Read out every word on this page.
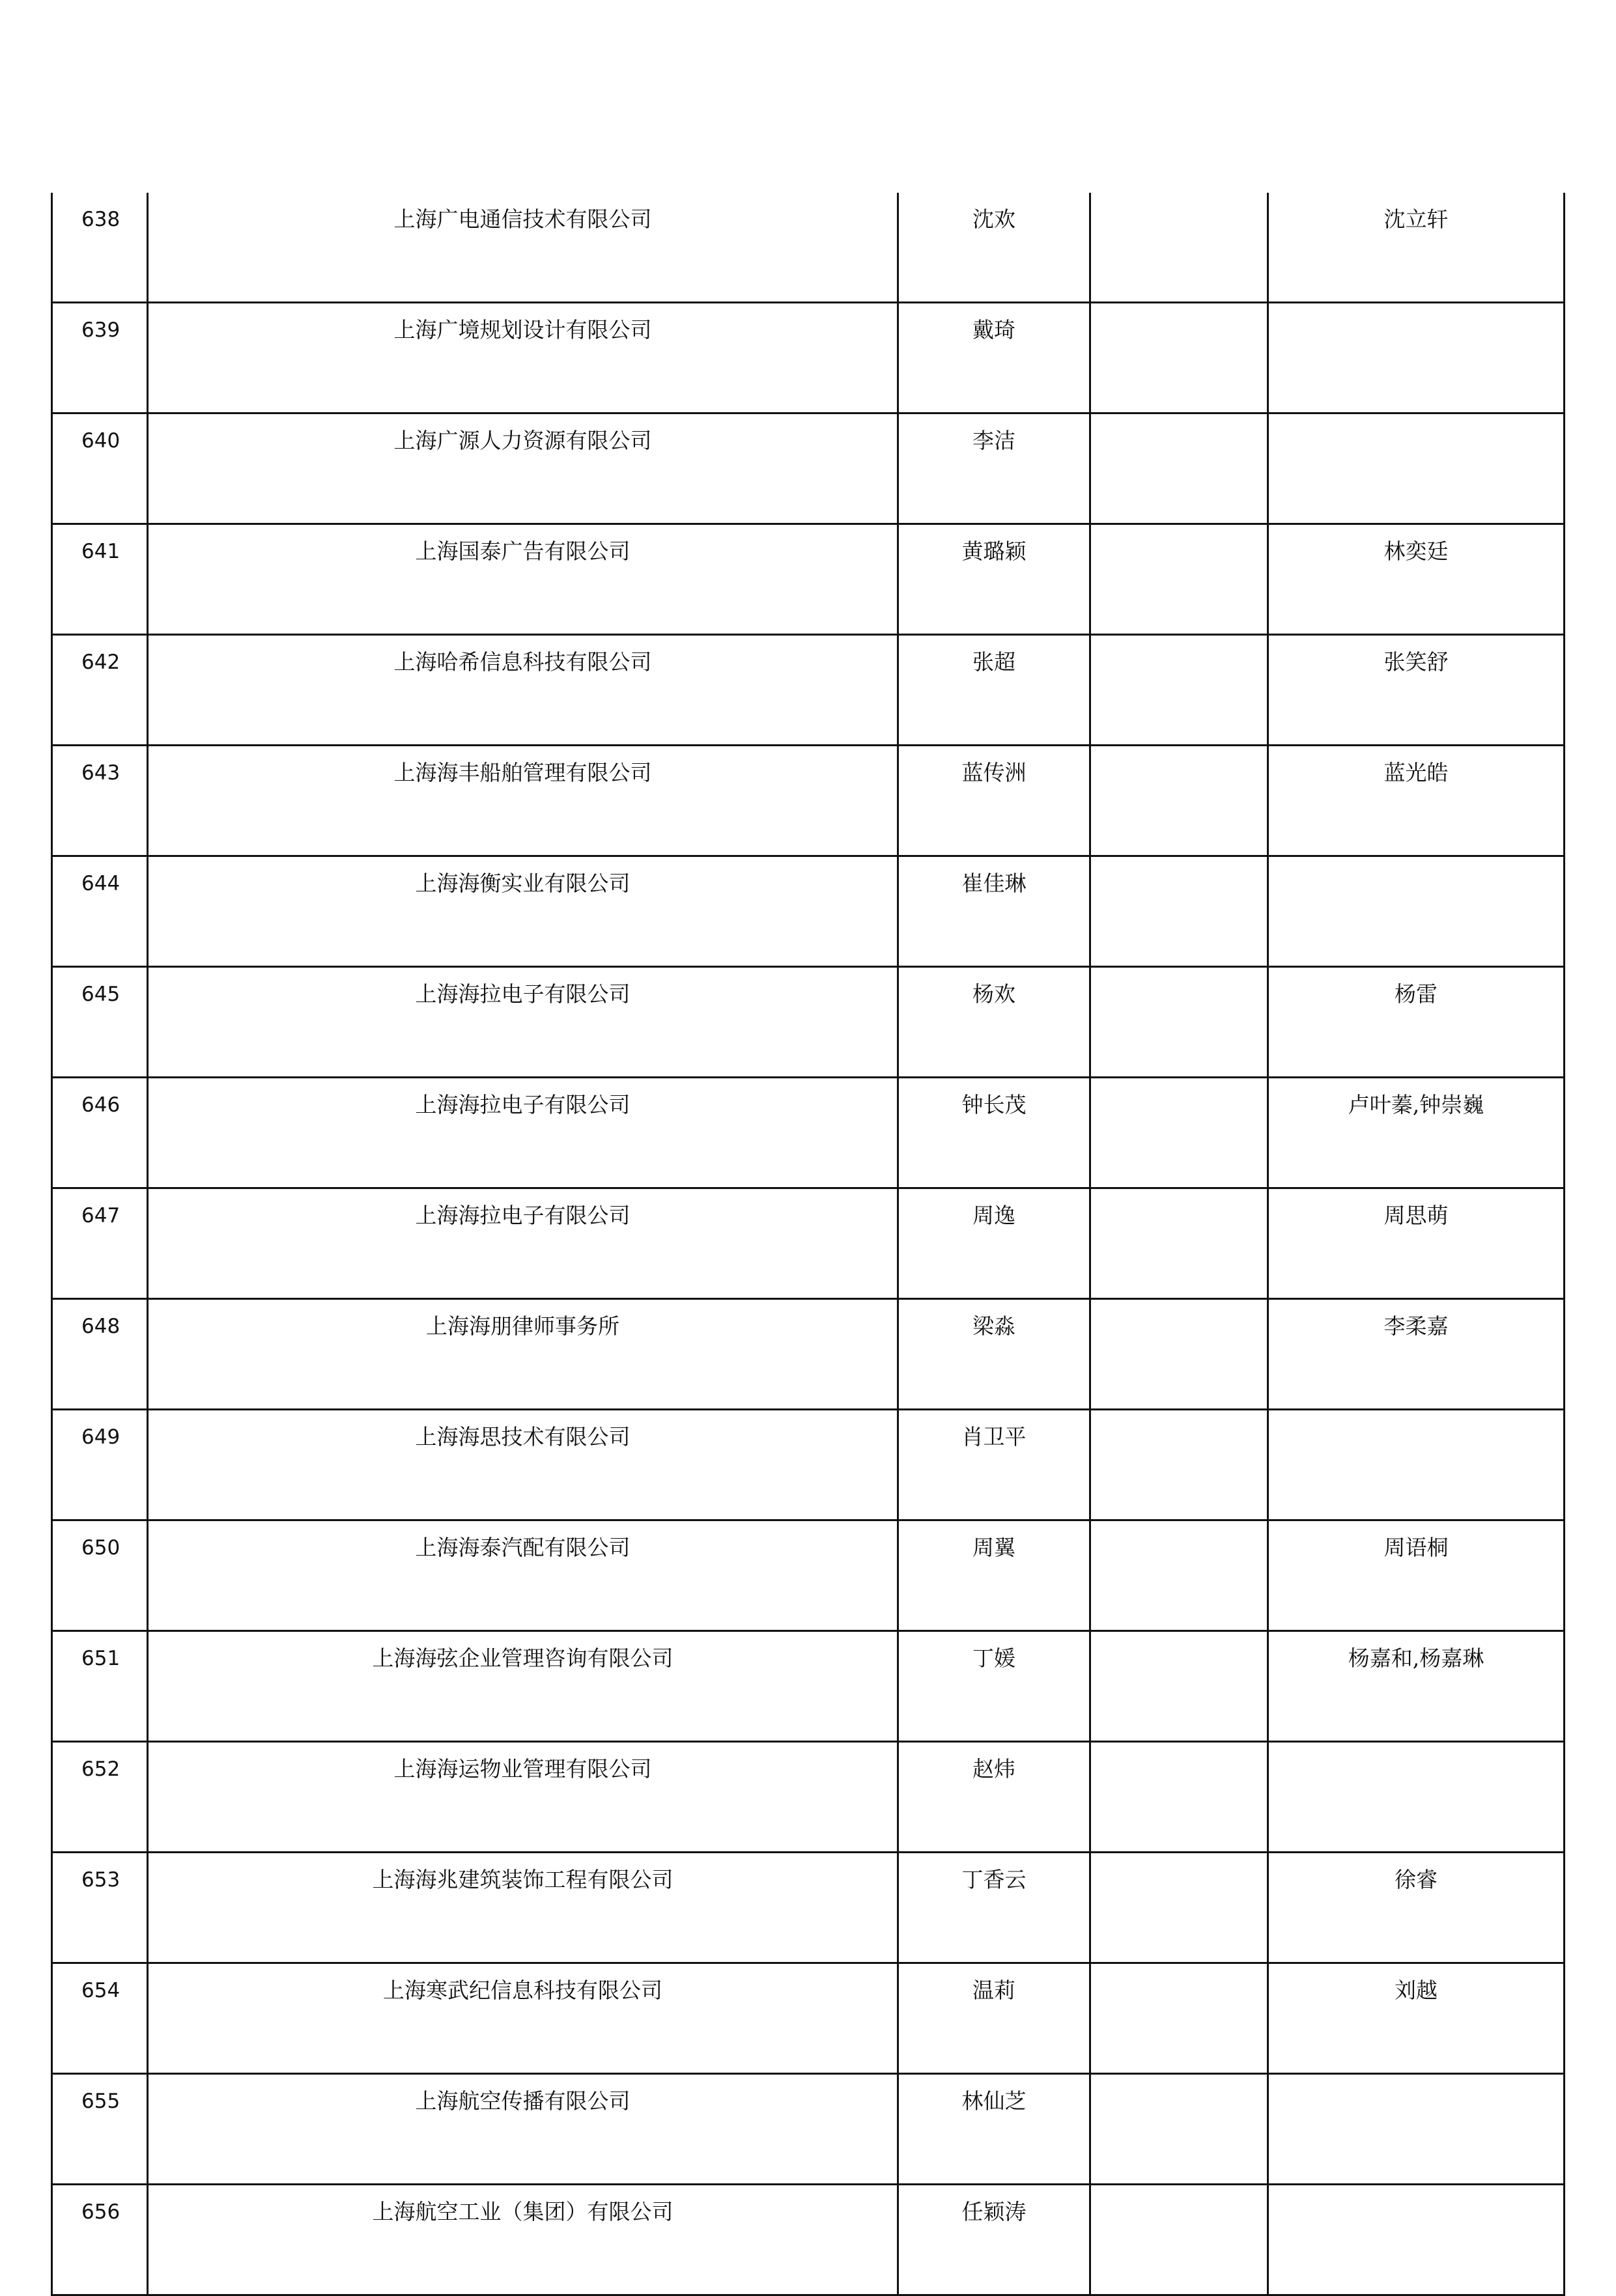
638	上海广电通信技术有限公司	沈欢		沈立轩
639	上海广境规划设计有限公司	戴琦		
640	上海广源人力资源有限公司	李洁		
641	上海国泰广告有限公司	黄璐颖		林奕廷
642	上海哈希信息科技有限公司	张超		张笑舒
643	上海海丰船舶管理有限公司	蓝传洲		蓝光皓
644	上海海衡实业有限公司	崔佳琳		
645	上海海拉电子有限公司	杨欢		杨雷
646	上海海拉电子有限公司	钟长茂		卢叶蓁,钟崇巍
647	上海海拉电子有限公司	周逸		周思萌
648	上海海朋律师事务所	梁淼		李柔嘉
649	上海海思技术有限公司	肖卫平		
650	上海海泰汽配有限公司	周翼		周语桐
651	上海海弦企业管理咨询有限公司	丁媛		杨嘉和,杨嘉琳
652	上海海运物业管理有限公司	赵炜		
653	上海海兆建筑装饰工程有限公司	丁香云		徐睿
654	上海寒武纪信息科技有限公司	温莉		刘越
655	上海航空传播有限公司	林仙芝		
656	上海航空工业（集团）有限公司	任颖涛		
